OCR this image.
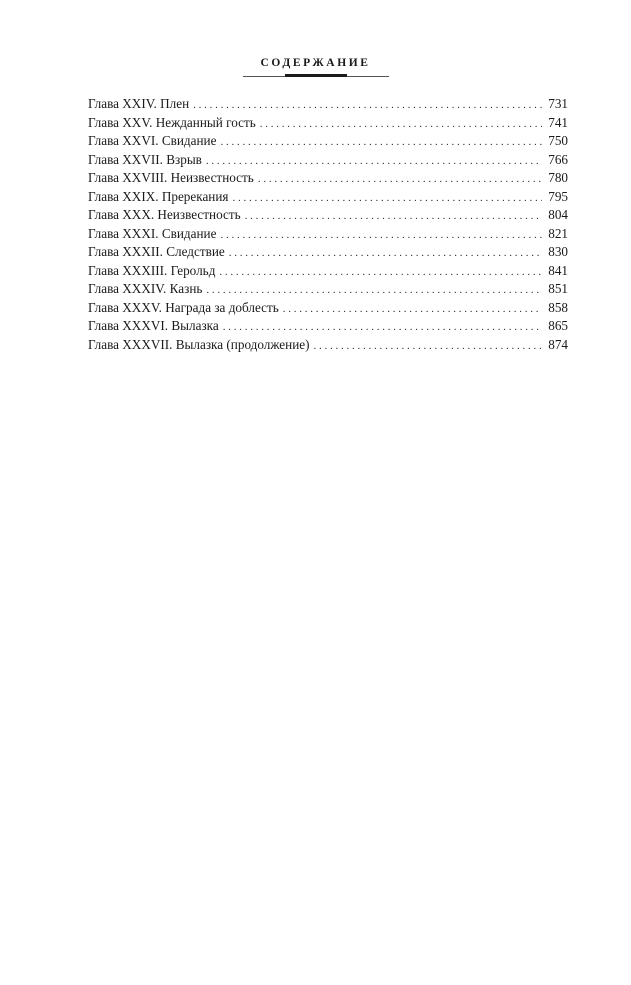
СОДЕРЖАНИЕ
Глава XXIV. Плен . . .	731
Глава XXV. Нежданный гость . . .	741
Глава XXVI. Свидание . . .	750
Глава XXVII. Взрыв . . .	766
Глава XXVIII. Неизвестность . . .	780
Глава XXIX. Пререкания . . .	795
Глава XXX. Неизвестность . . .	804
Глава XXXI. Свидание . . .	821
Глава XXXII. Следствие . . .	830
Глава XXXIII. Герольд . . .	841
Глава XXXIV. Казнь . . .	851
Глава XXXV. Награда за доблесть . . .	858
Глава XXXVI. Вылазка . . .	865
Глава XXXVII. Вылазка (продолжение) . . .	874
